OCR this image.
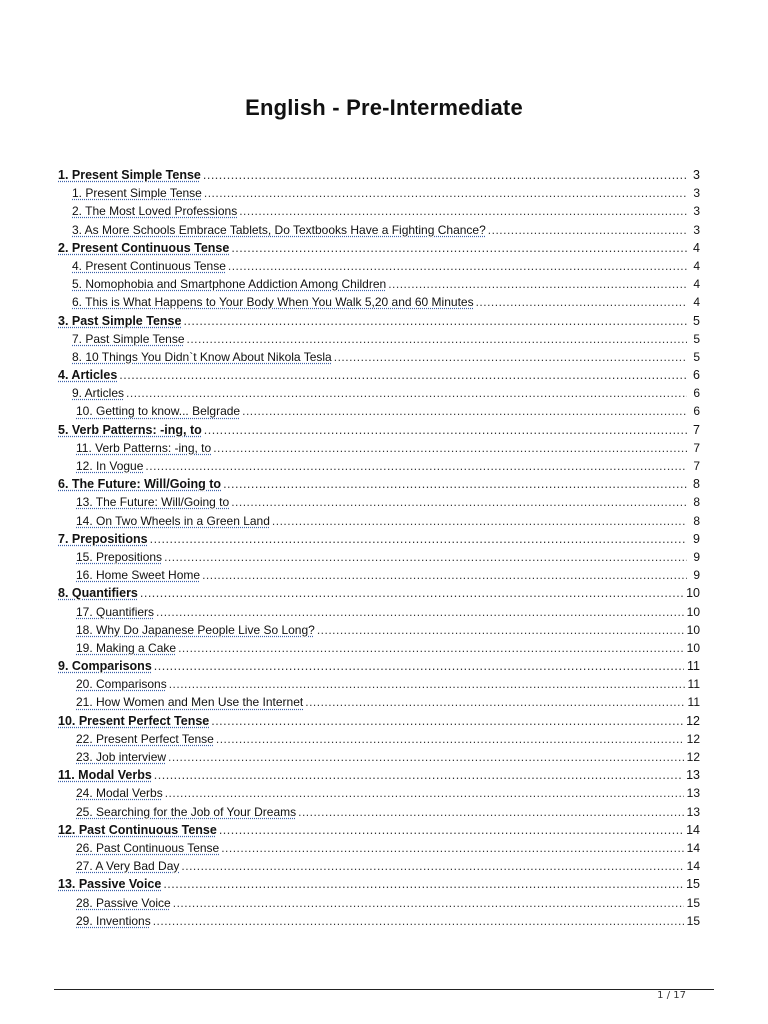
English - Pre-Intermediate
1. Present Simple Tense .....	3
1. Present Simple Tense .....	3
2. The Most Loved Professions .....	3
3. As More Schools Embrace Tablets, Do Textbooks Have a Fighting Chance? .....	3
2. Present Continuous Tense .....	4
4. Present Continuous Tense .....	4
5. Nomophobia and Smartphone Addiction Among Children .....	4
6. This is What Happens to Your Body When You Walk 5,20 and 60 Minutes .....	4
3. Past Simple Tense .....	5
7. Past Simple Tense .....	5
8. 10 Things You Didn`t Know About Nikola Tesla .....	5
4. Articles .....	6
9. Articles .....	6
10. Getting to know... Belgrade .....	6
5. Verb Patterns: -ing, to .....	7
11. Verb Patterns: -ing, to .....	7
12. In Vogue .....	7
6. The Future: Will/Going to .....	8
13. The Future: Will/Going to .....	8
14. On Two Wheels in a Green Land .....	8
7. Prepositions .....	9
15. Prepositions .....	9
16. Home Sweet Home .....	9
8. Quantifiers .....	10
17. Quantifiers .....	10
18. Why Do Japanese People Live So Long? .....	10
19. Making a Cake .....	10
9. Comparisons .....	11
20. Comparisons .....	11
21. How Women and Men Use the Internet .....	11
10. Present Perfect Tense .....	12
22. Present Perfect Tense .....	12
23. Job interview .....	12
11. Modal Verbs .....	13
24. Modal Verbs .....	13
25. Searching for the Job of Your Dreams .....	13
12. Past Continuous Tense .....	14
26. Past Continuous Tense .....	14
27. A Very Bad Day .....	14
13. Passive Voice .....	15
28. Passive Voice .....	15
29. Inventions .....	15
1 / 17
